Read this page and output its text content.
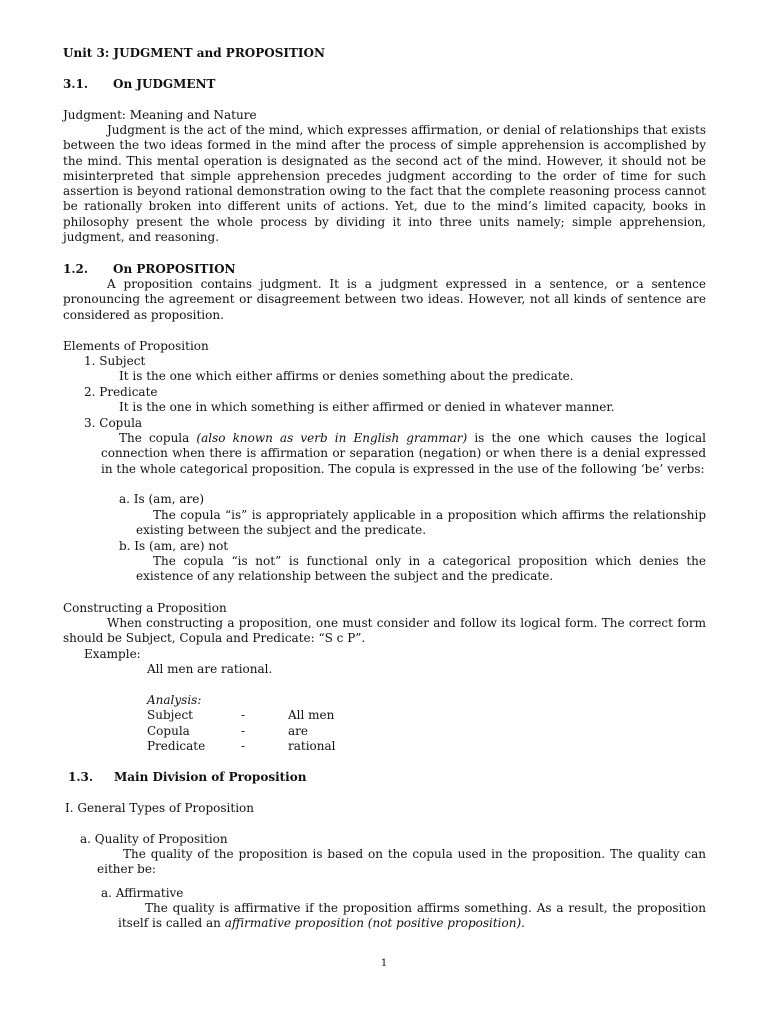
Unit 3: JUDGMENT and PROPOSITION

3.1. On JUDGMENT

Judgment: Meaning and Nature

Judgment is the act of the mind, which expresses affirmation, or denial of relationships that exists between the two ideas formed in the mind after the process of simple apprehension is accomplished by the mind. This mental operation is designated as the second act of the mind. However, it should not be misinterpreted that simple apprehension precedes judgment according to the order of time for such assertion is beyond rational demonstration owing to the fact that the complete reasoning process cannot be rationally broken into different units of actions. Yet, due to the mind’s limited capacity, books in philosophy present the whole process by dividing it into three units namely; simple apprehension, judgment, and reasoning.

1.2. On PROPOSITION

A proposition contains judgment. It is a judgment expressed in a sentence, or a sentence pronouncing the agreement or disagreement between two ideas. However, not all kinds of sentence are considered as proposition.

Elements of Proposition

1. Subject

It is the one which either affirms or denies something about the predicate.

2. Predicate

It is the one in which something is either affirmed or denied in whatever manner.

3. Copula

The copula (also known as verb in English grammar) is the one which causes the logical connection when there is affirmation or separation (negation) or when there is a denial expressed in the whole categorical proposition. The copula is expressed in the use of the following ‘be’ verbs:

a. Is (am, are)

The copula “is” is appropriately applicable in a proposition which affirms the relationship existing between the subject and the predicate.

b. Is (am, are) not

The copula “is not” is functional only in a categorical proposition which denies the existence of any relationship between the subject and the predicate.

Constructing a Proposition

When constructing a proposition, one must consider and follow its logical form. The correct form should be Subject, Copula and Predicate: “S c P”.

Example:

All men are rational.

Analysis:

Subject	-	All men
Copula	-	are
Predicate	-	rational

1.3. Main Division of Proposition

I. General Types of Proposition

a. Quality of Proposition

The quality of the proposition is based on the copula used in the proposition. The quality can either be:

a. Affirmative

The quality is affirmative if the proposition affirms something. As a result, the proposition itself is called an affirmative proposition (not positive proposition).

1
